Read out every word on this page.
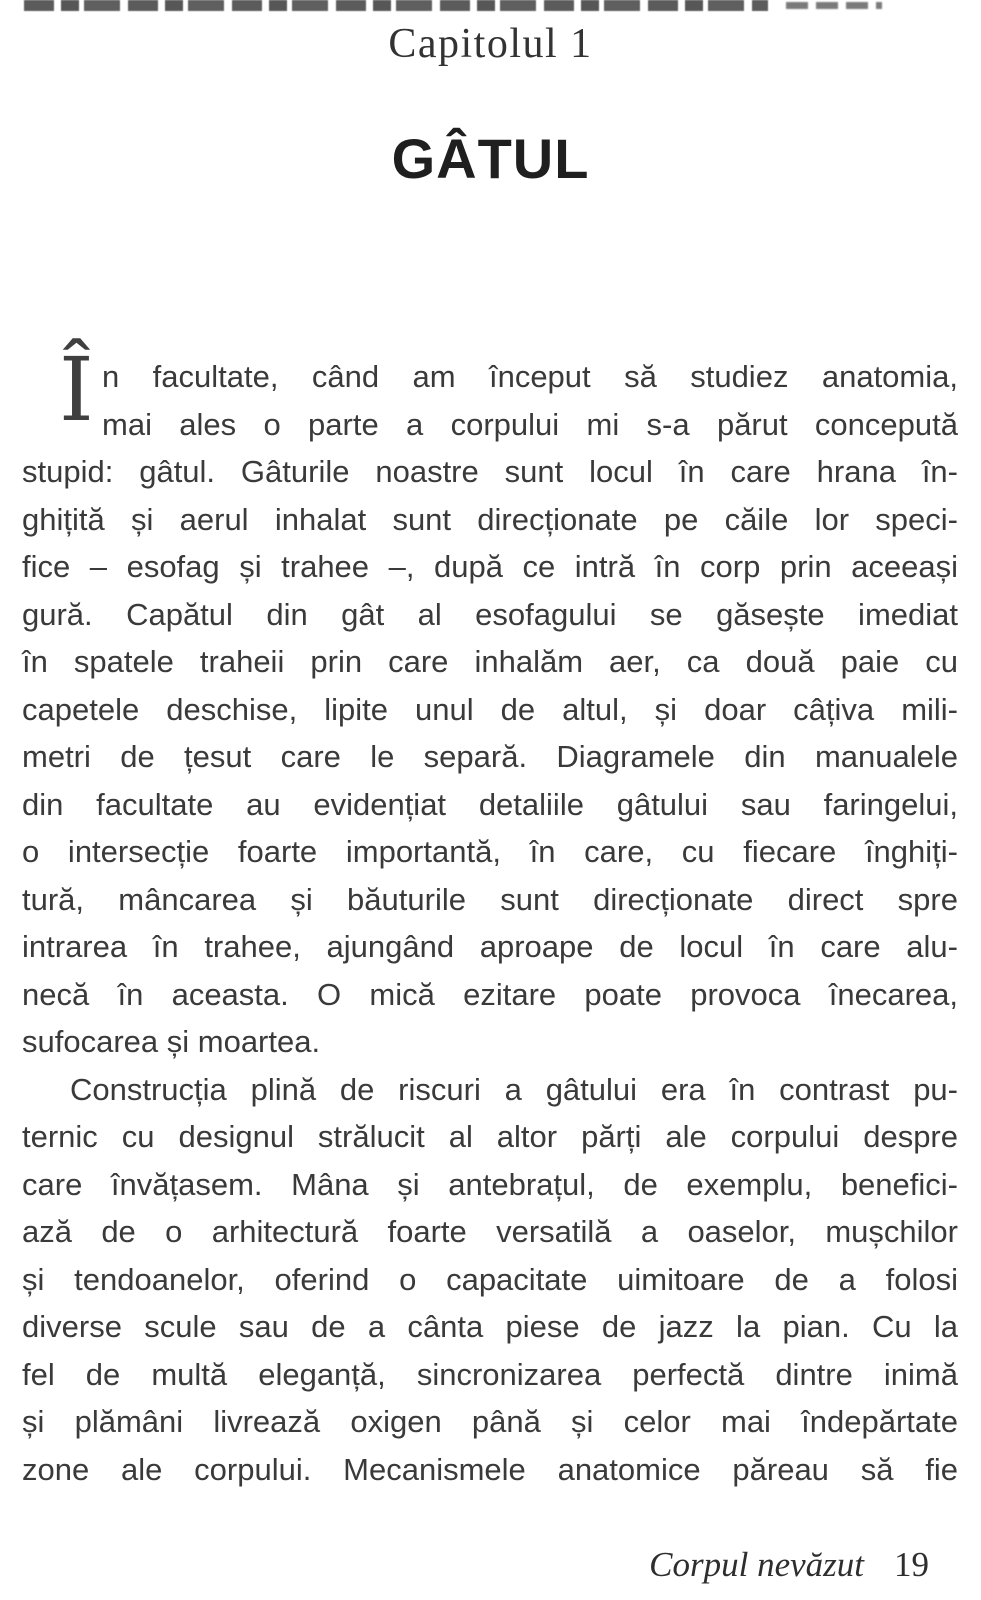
Capitolul 1
GÂTUL
Î n facultate, când am început să studiez anatomia,
mai ales o parte a corpului mi s-a părut concepută
stupid: gâtul. Gâturile noastre sunt locul în care hrana în-
ghițită și aerul inhalat sunt direcționate pe căile lor speci-
fice – esofag și trahee –, după ce intră în corp prin aceeași
gură. Capătul din gât al esofagului se găsește imediat
în spatele traheii prin care inhalăm aer, ca două paie cu
capetele deschise, lipite unul de altul, și doar câțiva mili-
metri de țesut care le separă. Diagramele din manualele
din facultate au evidențiat detaliile gâtului sau faringelui,
o intersecție foarte importantă, în care, cu fiecare înghiți-
tură, mâncarea și băuturile sunt direcționate direct spre
intrarea în trahee, ajungând aproape de locul în care alu-
necă în aceasta. O mică ezitare poate provoca înecarea,
sufocarea și moartea.
Construcția plină de riscuri a gâtului era în contrast pu-
ternic cu designul strălucit al altor părți ale corpului despre
care învățasem. Mâna și antebrațul, de exemplu, benefici-
ază de o arhitectură foarte versatilă a oaselor, mușchilor
și tendoanelor, oferind o capacitate uimitoare de a folosi
diverse scule sau de a cânta piese de jazz la pian. Cu la
fel de multă eleganță, sincronizarea perfectă dintre inimă
și plămâni livrează oxigen până și celor mai îndepărtate
zone ale corpului. Mecanismele anatomice păreau să fie
Corpul nevăzut 19
